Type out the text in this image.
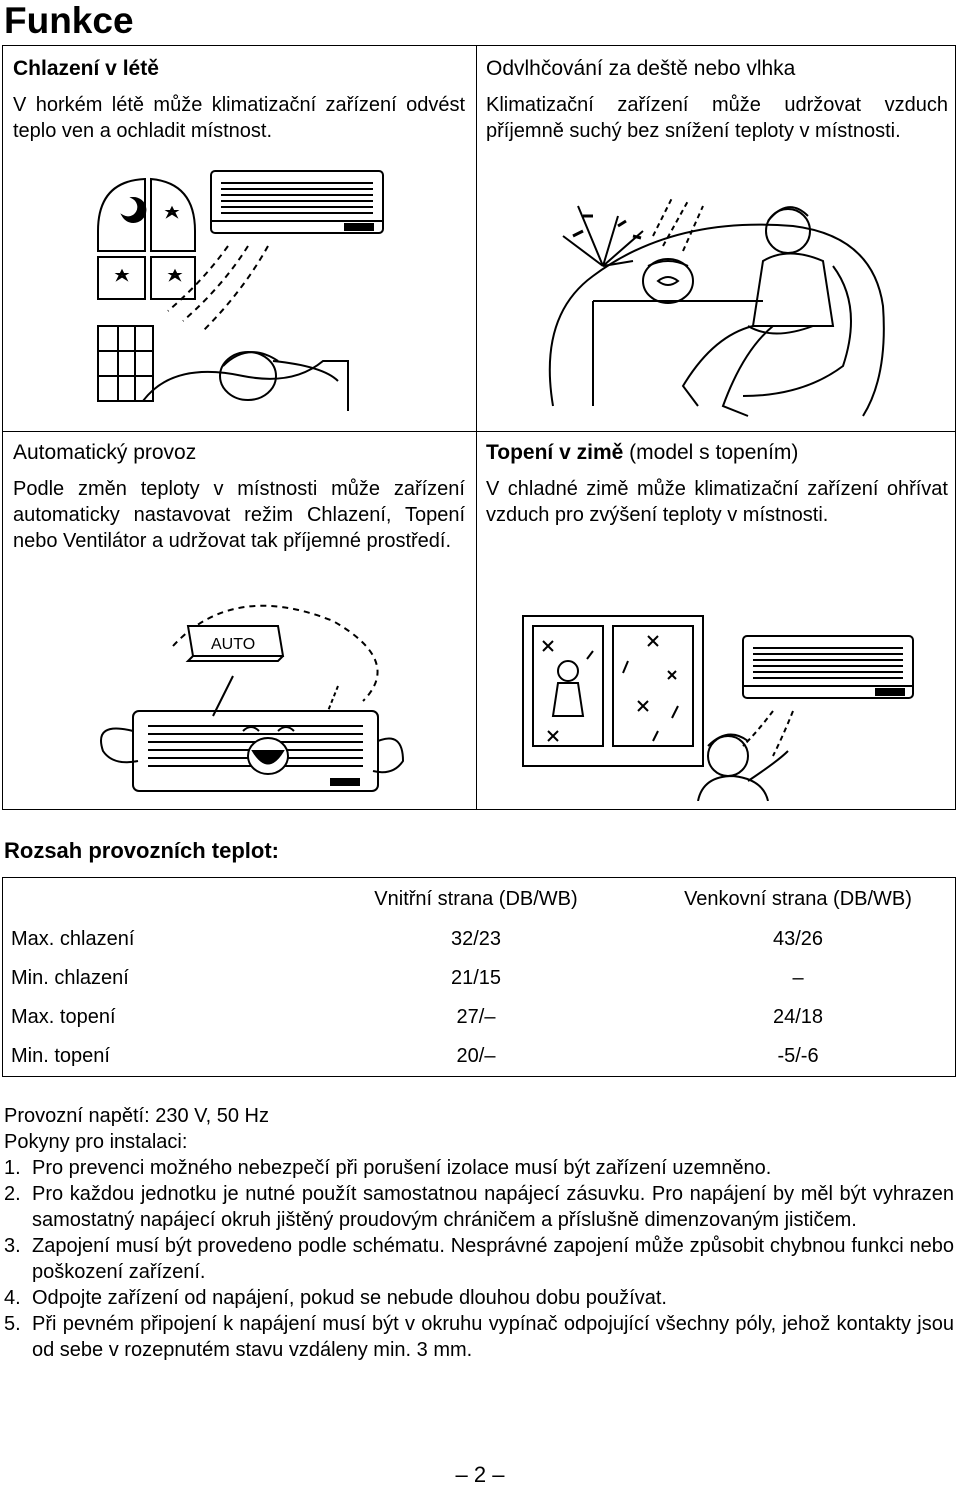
Funkce
Chlazení v létě

V horkém létě může klimatizační zařízení odvést teplo ven a ochladit místnost.

Odvlhčování za deště nebo vlhka

Klimatizační zařízení může udržovat vzduch příjemně suchý bez snížení teploty v místnosti.

Automatický provoz

Podle změn teploty v místnosti může zařízení automaticky nastavovat režim Chlazení, Topení nebo Ventilátor a udržovat tak příjemné prostředí.

AUTO
Topení v zimě (model s topením)

V chladné zimě může klimatizační zařízení ohřívat vzduch pro zvýšení teploty v místnosti.

Rozsah provozních teplot:
	Vnitřní strana (DB/WB)	Venkovní strana (DB/WB)
Max. chlazení	32/23	43/26
Min. chlazení	21/15	–
Max. topení	27/–	24/18
Min. topení	20/–	-5/-6

Provozní napětí: 230 V, 50 Hz

Pokyny pro instalaci:

1. Pro prevenci možného nebezpečí při porušení izolace musí být zařízení uzemněno.
2. Pro každou jednotku je nutné použít samostatnou napájecí zásuvku. Pro napájení by měl být vyhrazen samostatný napájecí okruh jištěný proudovým chráničem a příslušně dimenzovaným jističem.
3. Zapojení musí být provedeno podle schématu. Nesprávné zapojení může způsobit chybnou funkci nebo poškození zařízení.
4. Odpojte zařízení od napájení, pokud se nebude dlouhou dobu používat.
5. Při pevném připojení k napájení musí být v okruhu vypínač odpojující všechny póly, jehož kontakty jsou od sebe v rozepnutém stavu vzdáleny min. 3 mm.
– 2 –
